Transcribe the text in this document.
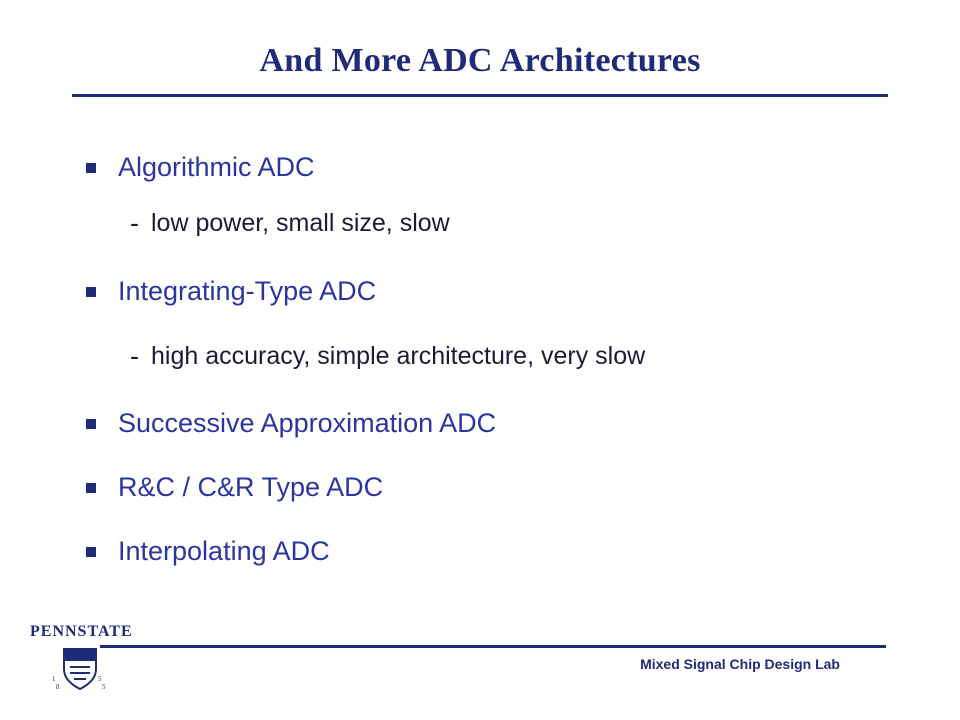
And More ADC Architectures
Algorithmic ADC
- low power, small size, slow
Integrating-Type ADC
- high accuracy, simple architecture, very slow
Successive Approximation ADC
R&C / C&R Type ADC
Interpolating ADC
PENNSTATE
1
8
5
5
Mixed Signal Chip Design Lab
